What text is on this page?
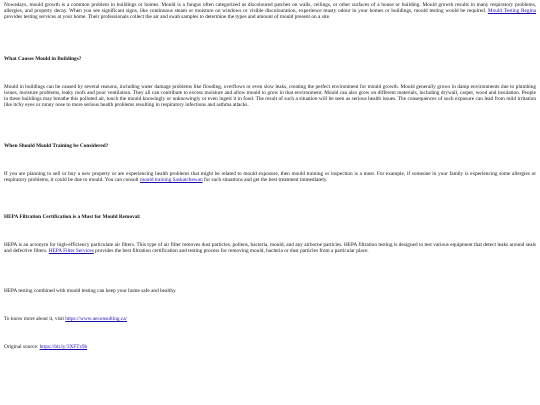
Nowadays, mould growth is a common problem in buildings or homes. Mould is a fungus often categorized as discoloured patches on walls, ceilings, or other surfaces of a house or building. Mould growth results in many respiratory problems, allergies, and property decay. When you see significant signs, like continuous steam or moisture on windows or visible discolouration, experience musty odour in your homes or buildings, mould testing would be required. Mould Testing Regina provides testing services at your home. Their professionals collect the air and swab samples to determine the types and amount of mould present on a site.

What Causes Mould in Buildings?

Mould in buildings can be caused by several reasons, including water damage problems like flooding, overflows or even slow leaks, creating the perfect environment for mould growth. Mould generally grows in damp environments due to plumbing issues, moisture problems, leaky roofs and poor ventilation. They all can contribute to excess moisture and allow mould to grow in that environment. Mould can also grow on different materials, including drywall, carpet, wood and insulation. People in these buildings may breathe this polluted air, touch the mould knowingly or unknowingly or even ingest it in food. The result of such a situation will be seen as serious health issues. The consequences of such exposure can lead from mild irritation like itchy eyes or runny nose to more serious health problems resulting in respiratory infections and asthma attacks.

When Should Mould Training be Considered?

If you are planning to sell or buy a new property or are experiencing health problems that might be related to mould exposure, then mould training or inspection is a must. For example, if someone in your family is experiencing some allergies or respiratory problems, it could be due to mould. You can consult mould training Saskatchewan for such situations and get the best treatment immediately.

HEPA Filtration Certification is a Must for Mould Removal:

HEPA is an acronym for high-efficiency particulate air filters. This type of air filter removes dust particles, pollens, bacteria, mould, and any airborne particles. HEPA filtration testing is designed to test various equipment that detect leaks around seals and defective filters. HEPA Filter Services provides the best filtration certification and testing process for removing mould, bacteria or dust particles from a particular place.

HEPA testing combined with mould testing can keep your home safe and healthy.

To know more about it, visit https://www.ueconsulting.ca/

Original source: https://bit.ly/3XFTz9b
